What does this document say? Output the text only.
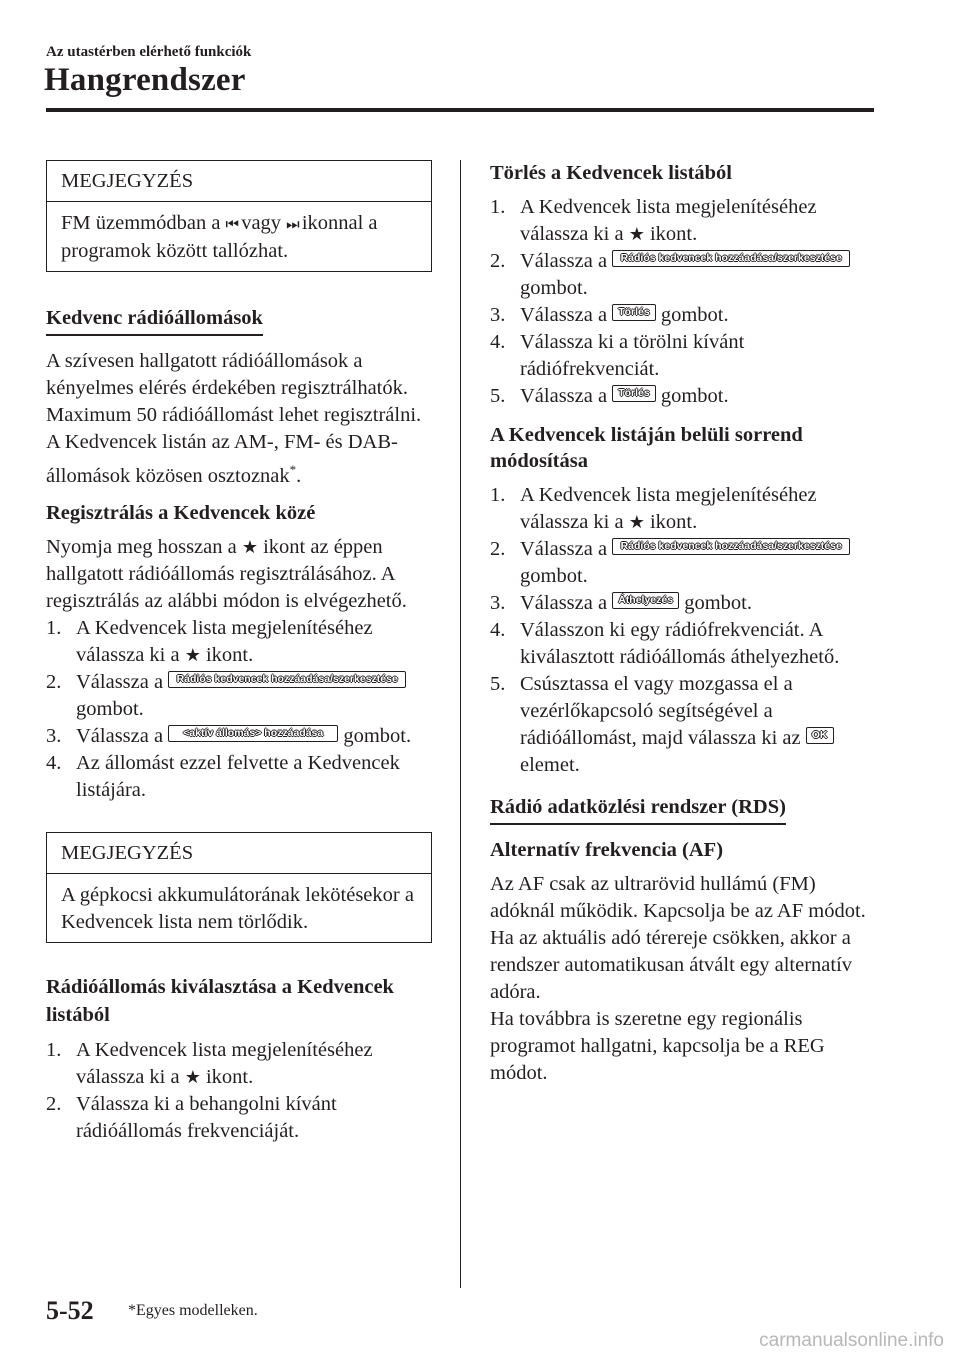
Az utastérben elérhető funkciók
Hangrendszer
MEGJEGYZÉS
FM üzemmódban a ⏮ vagy ⏭ ikonnal a programok között tallózhat.
Kedvenc rádióállomások
A szívesen hallgatott rádióállomások a kényelmes elérés érdekében regisztrálhatók. Maximum 50 rádióállomást lehet regisztrálni. A Kedvencek listán az AM-, FM- és DAB-állomások közösen osztoznak*.
Regisztrálás a Kedvencek közé
Nyomja meg hosszan a ★ ikont az éppen hallgatott rádióállomás regisztrálásához. A regisztrálás az alábbi módon is elvégezhető.
1. A Kedvencek lista megjelenítéséhez válassza ki a ★ ikont.
2. Válassza a Rádiós kedvencek hozzáadása/szerkesztése
gombot.
3. Válassza a <aktív állomás> hozzáadása gombot.
4. Az állomást ezzel felvette a Kedvencek listájára.
MEGJEGYZÉS
A gépkocsi akkumulátorának lekötésekor a Kedvencek lista nem törlődik.
Rádióállomás kiválasztása a Kedvencek listából
1. A Kedvencek lista megjelenítéséhez válassza ki a ★ ikont.
2. Válassza ki a behangolni kívánt rádióállomás frekvenciáját.
Törlés a Kedvencek listából
1. A Kedvencek lista megjelenítéséhez válassza ki a ★ ikont.
2. Válassza a Rádiós kedvencek hozzáadása/szerkesztése
gombot.
3. Válassza a Törlés gombot.
4. Válassza ki a törölni kívánt rádiófrekvenciát.
5. Válassza a Törlés gombot.
A Kedvencek listáján belüli sorrend módosítása
1. A Kedvencek lista megjelenítéséhez válassza ki a ★ ikont.
2. Válassza a Rádiós kedvencek hozzáadása/szerkesztése
gombot.
3. Válassza a Áthelyezés gombot.
4. Válasszon ki egy rádiófrekvenciát. A kiválasztott rádióállomás áthelyezhető.
5. Csúsztassa el vagy mozgassa el a vezérlőkapcsoló segítségével a rádióállomást, majd válassza ki az OK elemet.
Rádió adatközlési rendszer (RDS)
Alternatív frekvencia (AF)
Az AF csak az ultrarövid hullámú (FM) adóknál működik. Kapcsolja be az AF módot. Ha az aktuális adó térereje csökken, akkor a rendszer automatikusan átvált egy alternatív adóra.
Ha továbbra is szeretne egy regionális programot hallgatni, kapcsolja be a REG módot.
5-52 *Egyes modelleken.
carmanualsonline.info
